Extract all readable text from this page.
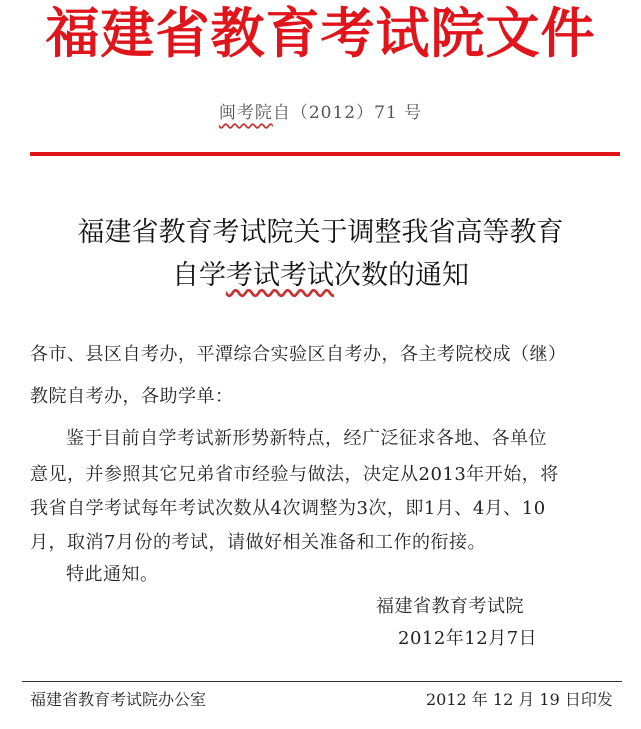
福建省教育考试院文件
闽考院自（2012）71 号
福建省教育考试院关于调整我省高等教育
自学考试考试次数的通知
各市、县区自考办，平潭综合实验区自考办，各主考院校成（继）
教院自考办，各助学单：
鉴于目前自学考试新形势新特点，经广泛征求各地、各单位
意见，并参照其它兄弟省市经验与做法，决定从2013年开始，将
我省自学考试每年考试次数从4次调整为3次，即1月、4月、10
月，取消7月份的考试，请做好相关准备和工作的衔接。
特此通知。
福建省教育考试院
2012年12月7日
福建省教育考试院办公室	2012 年 12 月 19 日印发
